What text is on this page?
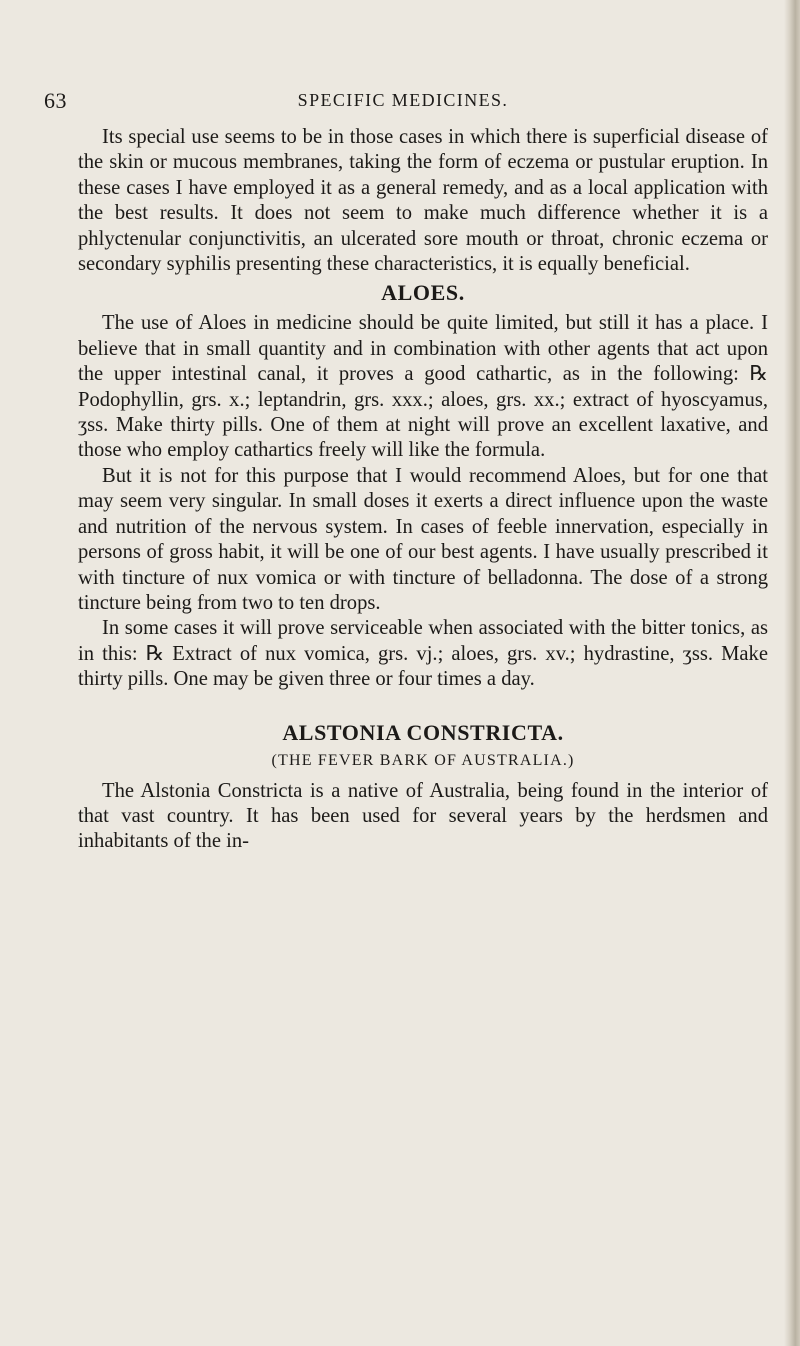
63	SPECIFIC MEDICINES.

Its special use seems to be in those cases in which there is superficial disease of the skin or mucous membranes, taking the form of eczema or pustular eruption. In these cases I have employed it as a general remedy, and as a local application with the best results. It does not seem to make much difference whether it is a phlyctenular conjunctivitis, an ulcerated sore mouth or throat, chronic eczema or secondary syphilis presenting these characteristics, it is equally beneficial.

ALOES.

The use of Aloes in medicine should be quite limited, but still it has a place. I believe that in small quantity and in combination with other agents that act upon the upper intestinal canal, it proves a good cathartic, as in the following: ℞ Podophyllin, grs. x.; leptandrin, grs. xxx.; aloes, grs. xx.; extract of hyoscyamus, ʒss. Make thirty pills. One of them at night will prove an excellent laxative, and those who employ cathartics freely will like the formula.

But it is not for this purpose that I would recommend Aloes, but for one that may seem very singular. In small doses it exerts a direct influence upon the waste and nutrition of the nervous system. In cases of feeble innervation, especially in persons of gross habit, it will be one of our best agents. I have usually prescribed it with tincture of nux vomica or with tincture of belladonna. The dose of a strong tincture being from two to ten drops.

In some cases it will prove serviceable when associated with the bitter tonics, as in this: ℞ Extract of nux vomica, grs. vj.; aloes, grs. xv.; hydrastine, ʒss. Make thirty pills. One may be given three or four times a day.

ALSTONIA CONSTRICTA.
(THE FEVER BARK OF AUSTRALIA.)

The Alstonia Constricta is a native of Australia, being found in the interior of that vast country. It has been used for several years by the herdsmen and inhabitants of the in-
